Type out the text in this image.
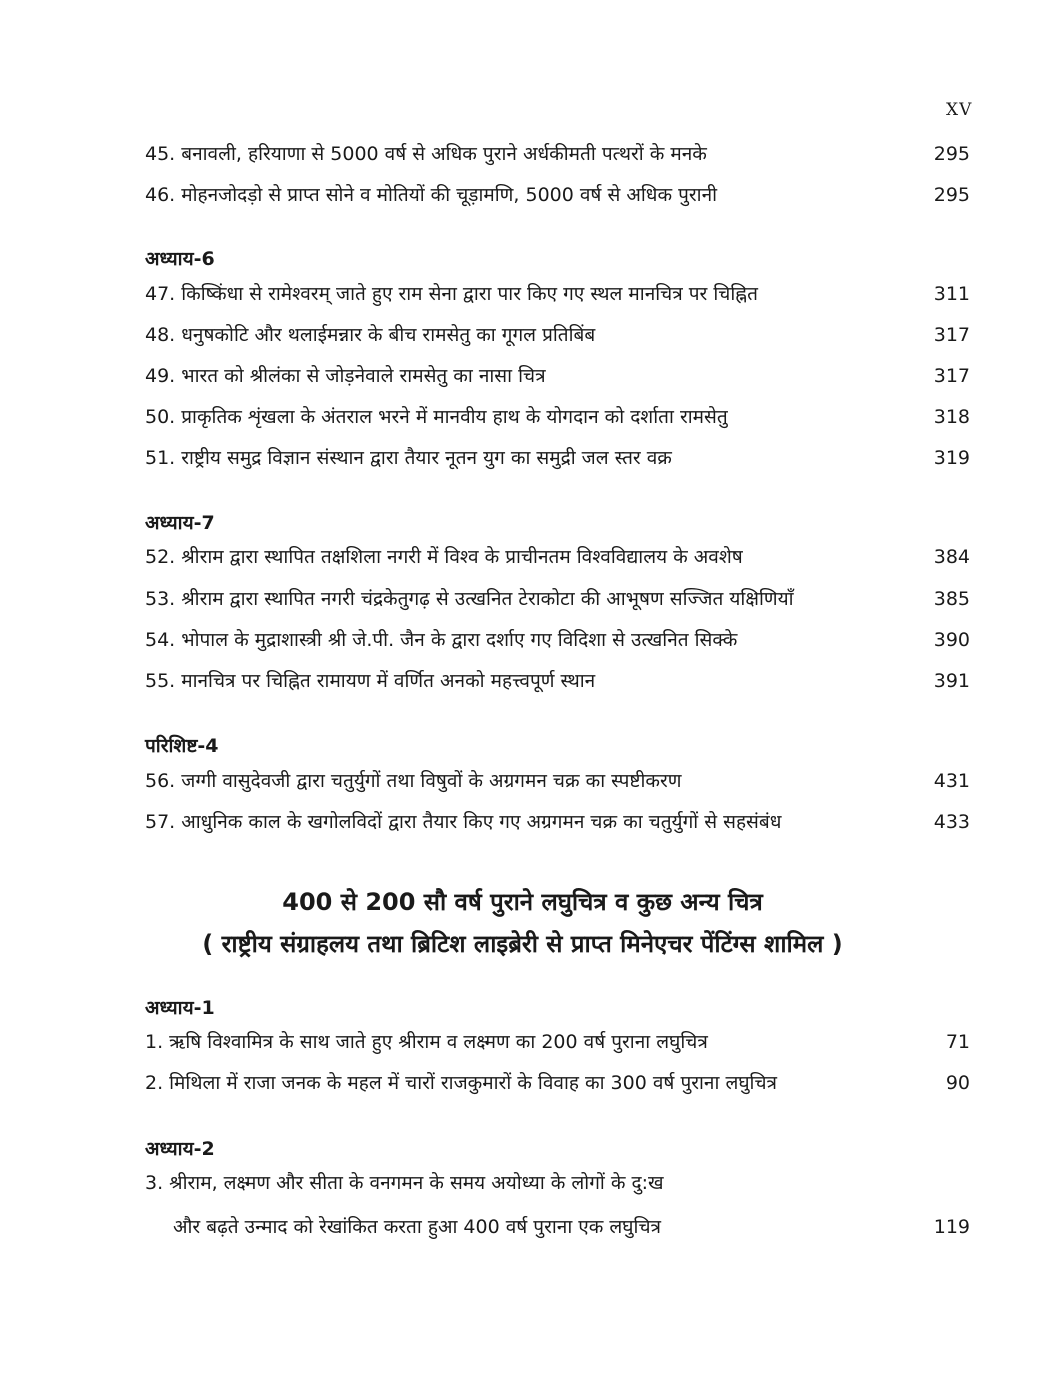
XV
45. बनावली, हरियाणा से 5000 वर्ष से अधिक पुराने अर्धकीमती पत्थरों के मनके	295
46. मोहनजोदड़ो से प्राप्त सोने व मोतियों की चूड़ामणि, 5000 वर्ष से अधिक पुरानी	295
अध्याय-6
47. किष्किंधा से रामेश्वरम् जाते हुए राम सेना द्वारा पार किए गए स्थल मानचित्र पर चिह्नित	311
48. धनुषकोटि और थलाईमन्नार के बीच रामसेतु का गूगल प्रतिबिंब	317
49. भारत को श्रीलंका से जोड़नेवाले रामसेतु का नासा चित्र	317
50. प्राकृतिक शृंखला के अंतराल भरने में मानवीय हाथ के योगदान को दर्शाता रामसेतु	318
51. राष्ट्रीय समुद्र विज्ञान संस्थान द्वारा तैयार नूतन युग का समुद्री जल स्तर वक्र	319
अध्याय-7
52. श्रीराम द्वारा स्थापित तक्षशिला नगरी में विश्व के प्राचीनतम विश्वविद्यालय के अवशेष	384
53. श्रीराम द्वारा स्थापित नगरी चंद्रकेतुगढ़ से उत्खनित टेराकोटा की आभूषण सज्जित यक्षिणियाँ	385
54. भोपाल के मुद्राशास्त्री श्री जे.पी. जैन के द्वारा दर्शाए गए विदिशा से उत्खनित सिक्के	390
55. मानचित्र पर चिह्नित रामायण में वर्णित अनको महत्त्वपूर्ण स्थान	391
परिशिष्ट-4
56. जग्गी वासुदेवजी द्वारा चतुर्युगों तथा विषुवों के अग्रगमन चक्र का स्पष्टीकरण	431
57. आधुनिक काल के खगोलविदों द्वारा तैयार किए गए अग्रगमन चक्र का चतुर्युगों से सहसंबंध	433
400 से 200 सौ वर्ष पुराने लघुचित्र व कुछ अन्य चित्र
( राष्ट्रीय संग्राहलय तथा ब्रिटिश लाइब्रेरी से प्राप्त मिनेएचर पेंटिंग्स शामिल )
अध्याय-1
1. ऋषि विश्वामित्र के साथ जाते हुए श्रीराम व लक्ष्मण का 200 वर्ष पुराना लघुचित्र	71
2. मिथिला में राजा जनक के महल में चारों राजकुमारों के विवाह का 300 वर्ष पुराना लघुचित्र	90
अध्याय-2
3. श्रीराम, लक्ष्मण और सीता के वनगमन के समय अयोध्या के लोगों के दु:ख
और बढ़ते उन्माद को रेखांकित करता हुआ 400 वर्ष पुराना एक लघुचित्र	119
